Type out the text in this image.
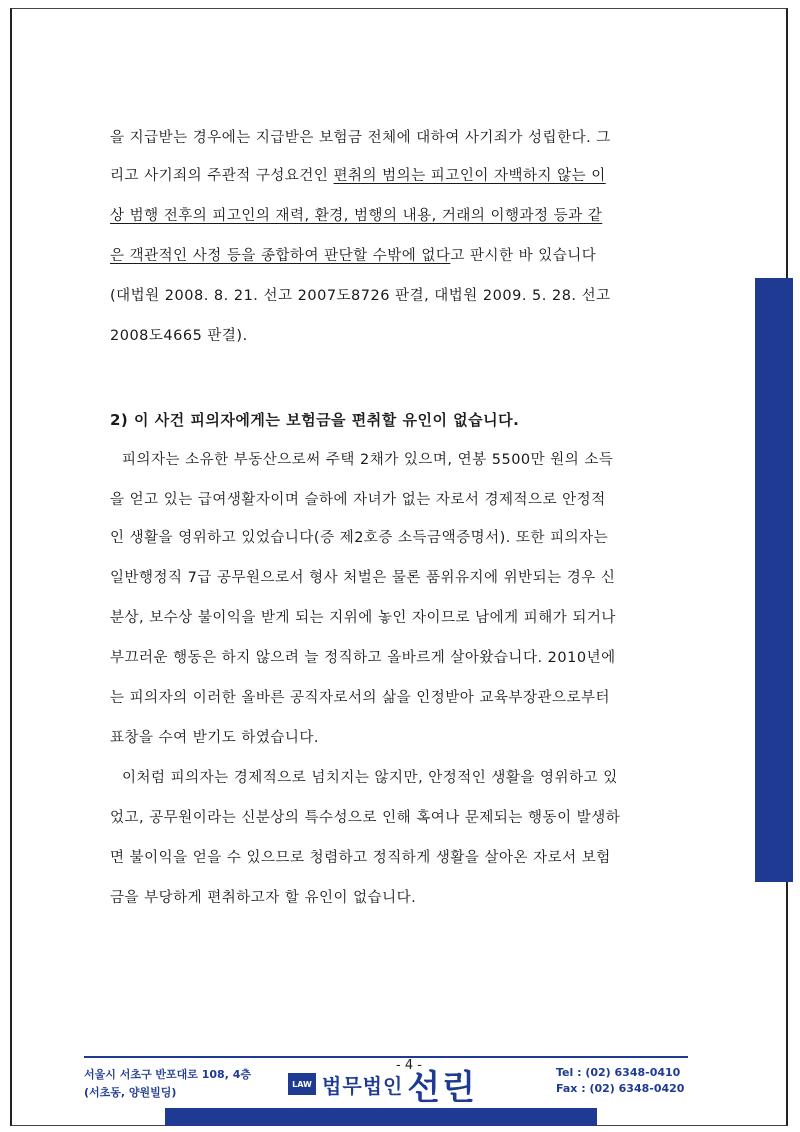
을 지급받는 경우에는 지급받은 보험금 전체에 대하여 사기죄가 성립한다. 그
리고 사기죄의 주관적 구성요건인 편취의 범의는 피고인이 자백하지 않는 이
상 범행 전후의 피고인의 재력, 환경, 범행의 내용, 거래의 이행과정 등과 같
은 객관적인 사정 등을 종합하여 판단할 수밖에 없다고 판시한 바 있습니다
(대법원 2008. 8. 21. 선고 2007도8726 판결, 대법원 2009. 5. 28. 선고
2008도4665 판결).
2) 이 사건 피의자에게는 보험금을 편취할 유인이 없습니다.
피의자는 소유한 부동산으로써 주택 2채가 있으며, 연봉 5500만 원의 소득
을 얻고 있는 급여생활자이며 슬하에 자녀가 없는 자로서 경제적으로 안정적
인 생활을 영위하고 있었습니다(증 제2호증 소득금액증명서). 또한 피의자는
일반행정직 7급 공무원으로서 형사 처벌은 물론 품위유지에 위반되는 경우 신
분상, 보수상 불이익을 받게 되는 지위에 놓인 자이므로 남에게 피해가 되거나
부끄러운 행동은 하지 않으려 늘 정직하고 올바르게 살아왔습니다. 2010년에
는 피의자의 이러한 올바른 공직자로서의 삶을 인정받아 교육부장관으로부터
표창을 수여 받기도 하였습니다.
이처럼 피의자는 경제적으로 넘치지는 않지만, 안정적인 생활을 영위하고 있
었고, 공무원이라는 신분상의 특수성으로 인해 혹여나 문제되는 행동이 발생하
면 불이익을 얻을 수 있으므로 청렴하고 정직하게 생활을 살아온 자로서 보험
금을 부당하게 편취하고자 할 유인이 없습니다.
서울시 서초구 반포대로 108, 4층
(서초동, 양원빌딩)
- 4 -
LAW 법무법인 선린	Tel : (02) 6348-0410
Fax : (02) 6348-0420
